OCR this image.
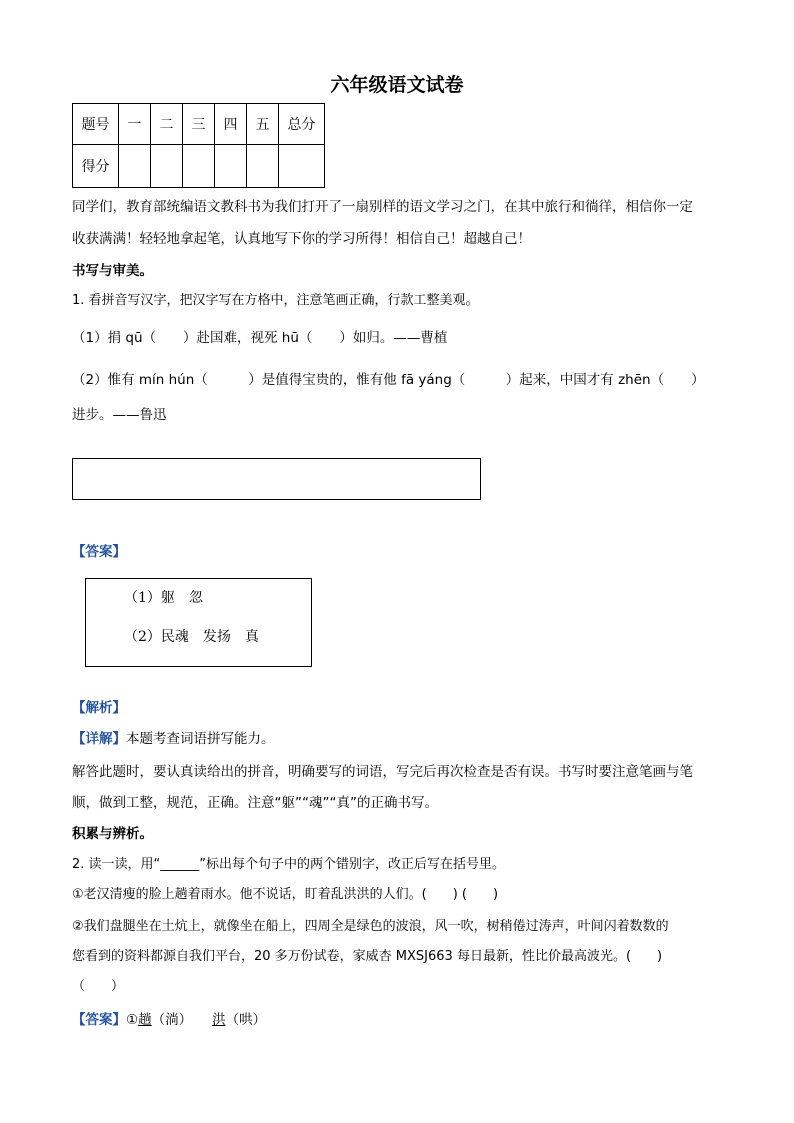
六年级语文试卷
题号	一	二	三	四	五	总分
得分						
同学们，教育部统编语文教科书为我们打开了一扇别样的语文学习之门，在其中旅行和徜徉，相信你一定
收获满满！轻轻地拿起笔，认真地写下你的学习所得！相信自己！超越自己！
书写与审美。
1. 看拼音写汉字，把汉字写在方格中，注意笔画正确，行款工整美观。
（1）捐 qū（　　）赴国难，视死 hū（　　）如归。——曹植
（2）惟有 mín hún（　　　）是值得宝贵的，惟有他 fā yáng（　　　）起来，中国才有 zhēn（　　）
进步。——鲁迅
【答案】
（1）躯　忽
（2）民魂　发扬　真
【解析】
【详解】本题考查词语拼写能力。
解答此题时，要认真读给出的拼音，明确要写的词语，写完后再次检查是否有误。书写时要注意笔画与笔
顺，做到工整，规范，正确。注意“躯”“魂”“真”的正确书写。
积累与辨析。
2. 读一读，用“______”标出每个句子中的两个错别字，改正后写在括号里。
①老汉清瘦的脸上趟着雨水。他不说话，盯着乱洪洪的人们。(　　) (　　)
②我们盘腿坐在土炕上，就像坐在船上，四周全是绿色的波浪，风一吹，树稍倦过涛声，叶间闪着数数的
您看到的资料都源自我们平台，20 多万份试卷，家威杏 MXSJ663 每日最新，性比价最高波光。(　　)
（　　）
【答案】①趟（淌） 洪（哄）
